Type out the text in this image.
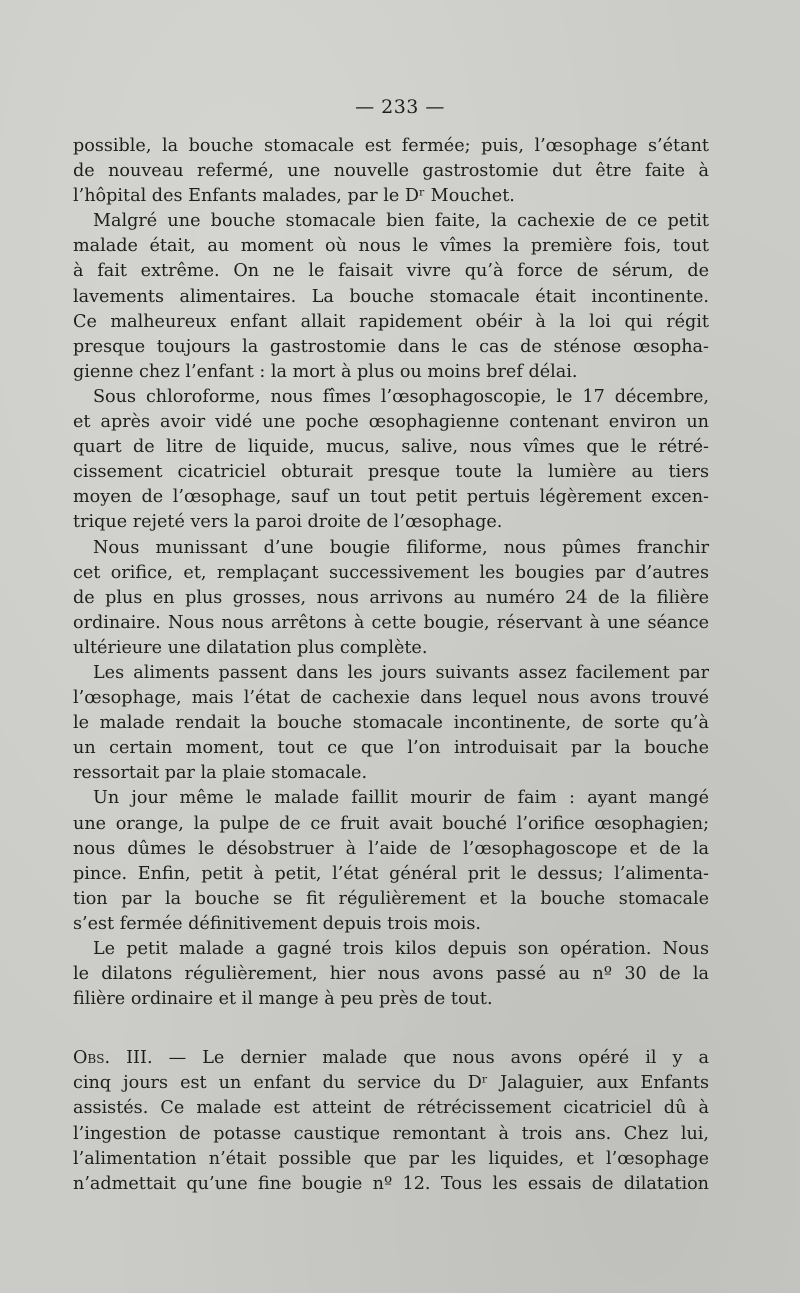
— 233 —
possible, la bouche stomacale est fermée; puis, l’œsophage s’étant
de nouveau refermé, une nouvelle gastrostomie dut être faite à
l’hôpital des Enfants malades, par le Dʳ Mouchet.
Malgré une bouche stomacale bien faite, la cachexie de ce petit
malade était, au moment où nous le vîmes la première fois, tout
à fait extrême. On ne le faisait vivre qu’à force de sérum, de
lavements alimentaires. La bouche stomacale était incontinente.
Ce malheureux enfant allait rapidement obéir à la loi qui régit
presque toujours la gastrostomie dans le cas de sténose œsopha-
gienne chez l’enfant : la mort à plus ou moins bref délai.
Sous chloroforme, nous fîmes l’œsophagoscopie, le 17 décembre,
et après avoir vidé une poche œsophagienne contenant environ un
quart de litre de liquide, mucus, salive, nous vîmes que le rétré-
cissement cicatriciel obturait presque toute la lumière au tiers
moyen de l’œsophage, sauf un tout petit pertuis légèrement excen-
trique rejeté vers la paroi droite de l’œsophage.
Nous munissant d’une bougie filiforme, nous pûmes franchir
cet orifice, et, remplaçant successivement les bougies par d’autres
de plus en plus grosses, nous arrivons au numéro 24 de la filière
ordinaire. Nous nous arrêtons à cette bougie, réservant à une séance
ultérieure une dilatation plus complète.
Les aliments passent dans les jours suivants assez facilement par
l’œsophage, mais l’état de cachexie dans lequel nous avons trouvé
le malade rendait la bouche stomacale incontinente, de sorte qu’à
un certain moment, tout ce que l’on introduisait par la bouche
ressortait par la plaie stomacale.
Un jour même le malade faillit mourir de faim : ayant mangé
une orange, la pulpe de ce fruit avait bouché l’orifice œsophagien;
nous dûmes le désobstruer à l’aide de l’œsophagoscope et de la
pince. Enfin, petit à petit, l’état général prit le dessus; l’alimenta-
tion par la bouche se fit régulièrement et la bouche stomacale
s’est fermée définitivement depuis trois mois.
Le petit malade a gagné trois kilos depuis son opération. Nous
le dilatons régulièrement, hier nous avons passé au nº 30 de la
filière ordinaire et il mange à peu près de tout.
Obs. III. — Le dernier malade que nous avons opéré il y a
cinq jours est un enfant du service du Dʳ Jalaguier, aux Enfants
assistés. Ce malade est atteint de rétrécissement cicatriciel dû à
l’ingestion de potasse caustique remontant à trois ans. Chez lui,
l’alimentation n’était possible que par les liquides, et l’œsophage
n’admettait qu’une fine bougie nº 12. Tous les essais de dilatation
